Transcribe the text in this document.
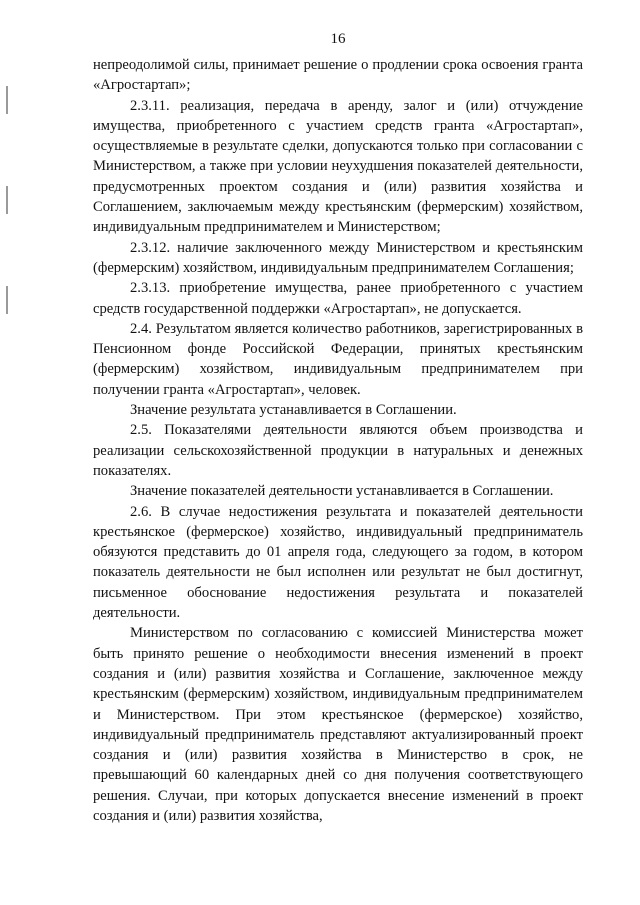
16

непреодолимой силы, принимает решение о продлении срока освоения гранта «Агростартап»;

2.3.11. реализация, передача в аренду, залог и (или) отчуждение имущества, приобретенного с участием средств гранта «Агростартап», осуществляемые в результате сделки, допускаются только при согласовании с Министерством, а также при условии неухудшения показателей деятельности, предусмотренных проектом создания и (или) развития хозяйства и Соглашением, заключаемым между крестьянским (фермерским) хозяйством, индивидуальным предпринимателем и Министерством;

2.3.12. наличие заключенного между Министерством и крестьянским (фермерским) хозяйством, индивидуальным предпринимателем Соглашения;

2.3.13. приобретение имущества, ранее приобретенного с участием средств государственной поддержки «Агростартап», не допускается.

2.4. Результатом является количество работников, зарегистрированных в Пенсионном фонде Российской Федерации, принятых крестьянским (фермерским) хозяйством, индивидуальным предпринимателем при получении гранта «Агростартап», человек.

Значение результата устанавливается в Соглашении.

2.5. Показателями деятельности являются объем производства и реализации сельскохозяйственной продукции в натуральных и денежных показателях.

Значение показателей деятельности устанавливается в Соглашении.

2.6. В случае недостижения результата и показателей деятельности крестьянское (фермерское) хозяйство, индивидуальный предприниматель обязуются представить до 01 апреля года, следующего за годом, в котором показатель деятельности не был исполнен или результат не был достигнут, письменное обоснование недостижения результата и показателей деятельности.

Министерством по согласованию с комиссией Министерства может быть принято решение о необходимости внесения изменений в проект создания и (или) развития хозяйства и Соглашение, заключенное между крестьянским (фермерским) хозяйством, индивидуальным предпринимателем и Министерством. При этом крестьянское (фермерское) хозяйство, индивидуальный предприниматель представляют актуализированный проект создания и (или) развития хозяйства в Министерство в срок, не превышающий 60 календарных дней со дня получения соответствующего решения. Случаи, при которых допускается внесение изменений в проект создания и (или) развития хозяйства,
